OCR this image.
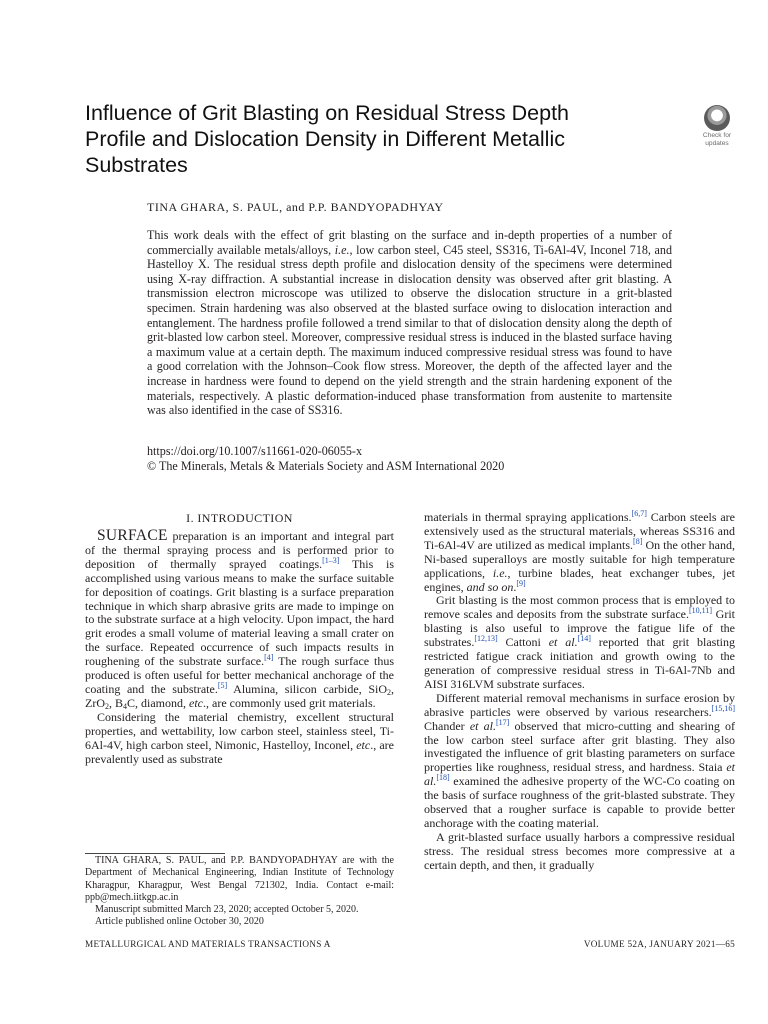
Influence of Grit Blasting on Residual Stress Depth
Profile and Dislocation Density in Different Metallic
Substrates
Check for
updates
TINA GHARA, S. PAUL, and P.P. BANDYOPADHYAY
This work deals with the effect of grit blasting on the surface and in-depth properties of a number of commercially available metals/alloys, i.e., low carbon steel, C45 steel, SS316, Ti-6Al-4V, Inconel 718, and Hastelloy X. The residual stress depth profile and dislocation density of the specimens were determined using X-ray diffraction. A substantial increase in dislocation density was observed after grit blasting. A transmission electron microscope was utilized to observe the dislocation structure in a grit-blasted specimen. Strain hardening was also observed at the blasted surface owing to dislocation interaction and entanglement. The hardness profile followed a trend similar to that of dislocation density along the depth of grit-blasted low carbon steel. Moreover, compressive residual stress is induced in the blasted surface having a maximum value at a certain depth. The maximum induced compressive residual stress was found to have a good correlation with the Johnson–Cook flow stress. Moreover, the depth of the affected layer and the increase in hardness were found to depend on the yield strength and the strain hardening exponent of the materials, respectively. A plastic deformation-induced phase transformation from austenite to martensite was also identified in the case of SS316.
https://doi.org/10.1007/s11661-020-06055-x
© The Minerals, Metals & Materials Society and ASM International 2020
I. INTRODUCTION

SURFACE preparation is an important and integral part of the thermal spraying process and is performed prior to deposition of thermally sprayed coatings.[1–3] This is accomplished using various means to make the surface suitable for deposition of coatings. Grit blasting is a surface preparation technique in which sharp abrasive grits are made to impinge on to the substrate surface at a high velocity. Upon impact, the hard grit erodes a small volume of material leaving a small crater on the surface. Repeated occurrence of such impacts results in roughening of the substrate surface.[4] The rough surface thus produced is often useful for better mechanical anchorage of the coating and the substrate.[5] Alumina, silicon carbide, SiO$_2$, ZrO$_2$, $B_4C$, diamond, etc., are commonly used grit materials.

Considering the material chemistry, excellent structural properties, and wettability, low carbon steel, stainless steel, Ti-6Al-4V, high carbon steel, Nimonic, Hastelloy, Inconel, etc., are prevalently used as substrate

materials in thermal spraying applications.[6,7] Carbon steels are extensively used as the structural materials, whereas SS316 and Ti-6Al-4V are utilized as medical implants.[8] On the other hand, Ni-based superalloys are mostly suitable for high temperature applications, i.e., turbine blades, heat exchanger tubes, jet engines, and so on.[9]

Grit blasting is the most common process that is employed to remove scales and deposits from the substrate surface.[10,11] Grit blasting is also useful to improve the fatigue life of the substrates.[12,13] Cattoni et al.[14] reported that grit blasting restricted fatigue crack initiation and growth owing to the generation of compressive residual stress in Ti-6Al-7Nb and AISI 316LVM substrate surfaces.

Different material removal mechanisms in surface erosion by abrasive particles were observed by various researchers.[15,16] Chander et al.[17] observed that micro-cutting and shearing of the low carbon steel surface after grit blasting. They also investigated the influence of grit blasting parameters on surface properties like roughness, residual stress, and hardness. Staia et al.[18] examined the adhesive property of the WC-Co coating on the basis of surface roughness of the grit-blasted substrate. They observed that a rougher surface is capable to provide better anchorage with the coating material.

A grit-blasted surface usually harbors a compressive residual stress. The residual stress becomes more compressive at a certain depth, and then, it gradually

TINA GHARA, S. PAUL, and P.P. BANDYOPADHYAY are with the Department of Mechanical Engineering, Indian Institute of Technology Kharagpur, Kharagpur, West Bengal 721302, India. Contact e-mail: ppb@mech.iitkgp.ac.in

Manuscript submitted March 23, 2020; accepted October 5, 2020.

Article published online October 30, 2020

METALLURGICAL AND MATERIALS TRANSACTIONS A	VOLUME 52A, JANUARY 2021—65
